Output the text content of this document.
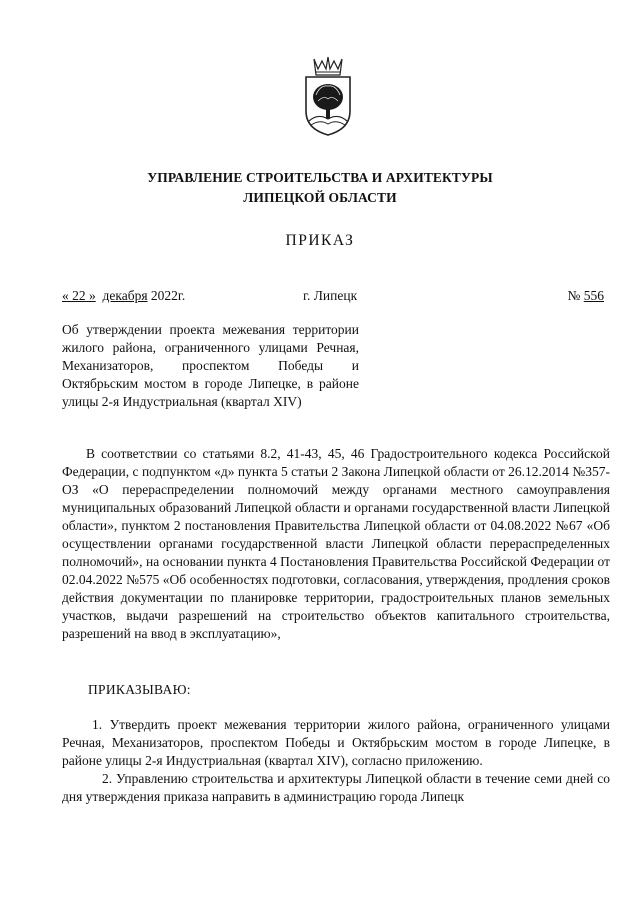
УПРАВЛЕНИЕ СТРОИТЕЛЬСТВА И АРХИТЕКТУРЫ
ЛИПЕЦКОЙ ОБЛАСТИ
ПРИКАЗ
« 22 » декабря 2022г.	г. Липецк	№ 556
Об утверждении проекта межевания территории жилого района, ограниченного улицами Речная, Механизаторов, проспектом Победы и Октябрьским мостом в городе Липецке, в районе улицы 2-я Индустриальная (квартал XIV)
В соответствии со статьями 8.2, 41-43, 45, 46 Градостроительного кодекса Российской Федерации, с подпунктом «д» пункта 5 статьи 2 Закона Липецкой области от 26.12.2014 №357-ОЗ «О перераспределении полномочий между органами местного самоуправления муниципальных образований Липецкой области и органами государственной власти Липецкой области», пунктом 2 постановления Правительства Липецкой области от 04.08.2022 №67 «Об осуществлении органами государственной власти Липецкой области перераспределенных полномочий», на основании пункта 4 Постановления Правительства Российской Федерации от 02.04.2022 №575 «Об особенностях подготовки, согласования, утверждения, продления сроков действия документации по планировке территории, градостроительных планов земельных участков, выдачи разрешений на строительство объектов капитального строительства, разрешений на ввод в эксплуатацию»,
ПРИКАЗЫВАЮ:

1. Утвердить проект межевания территории жилого района, ограниченного улицами Речная, Механизаторов, проспектом Победы и Октябрьским мостом в городе Липецке, в районе улицы 2-я Индустриальная (квартал XIV), согласно приложению.

2. Управлению строительства и архитектуры Липецкой области в течение семи дней со дня утверждения приказа направить в администрацию города Липецк
